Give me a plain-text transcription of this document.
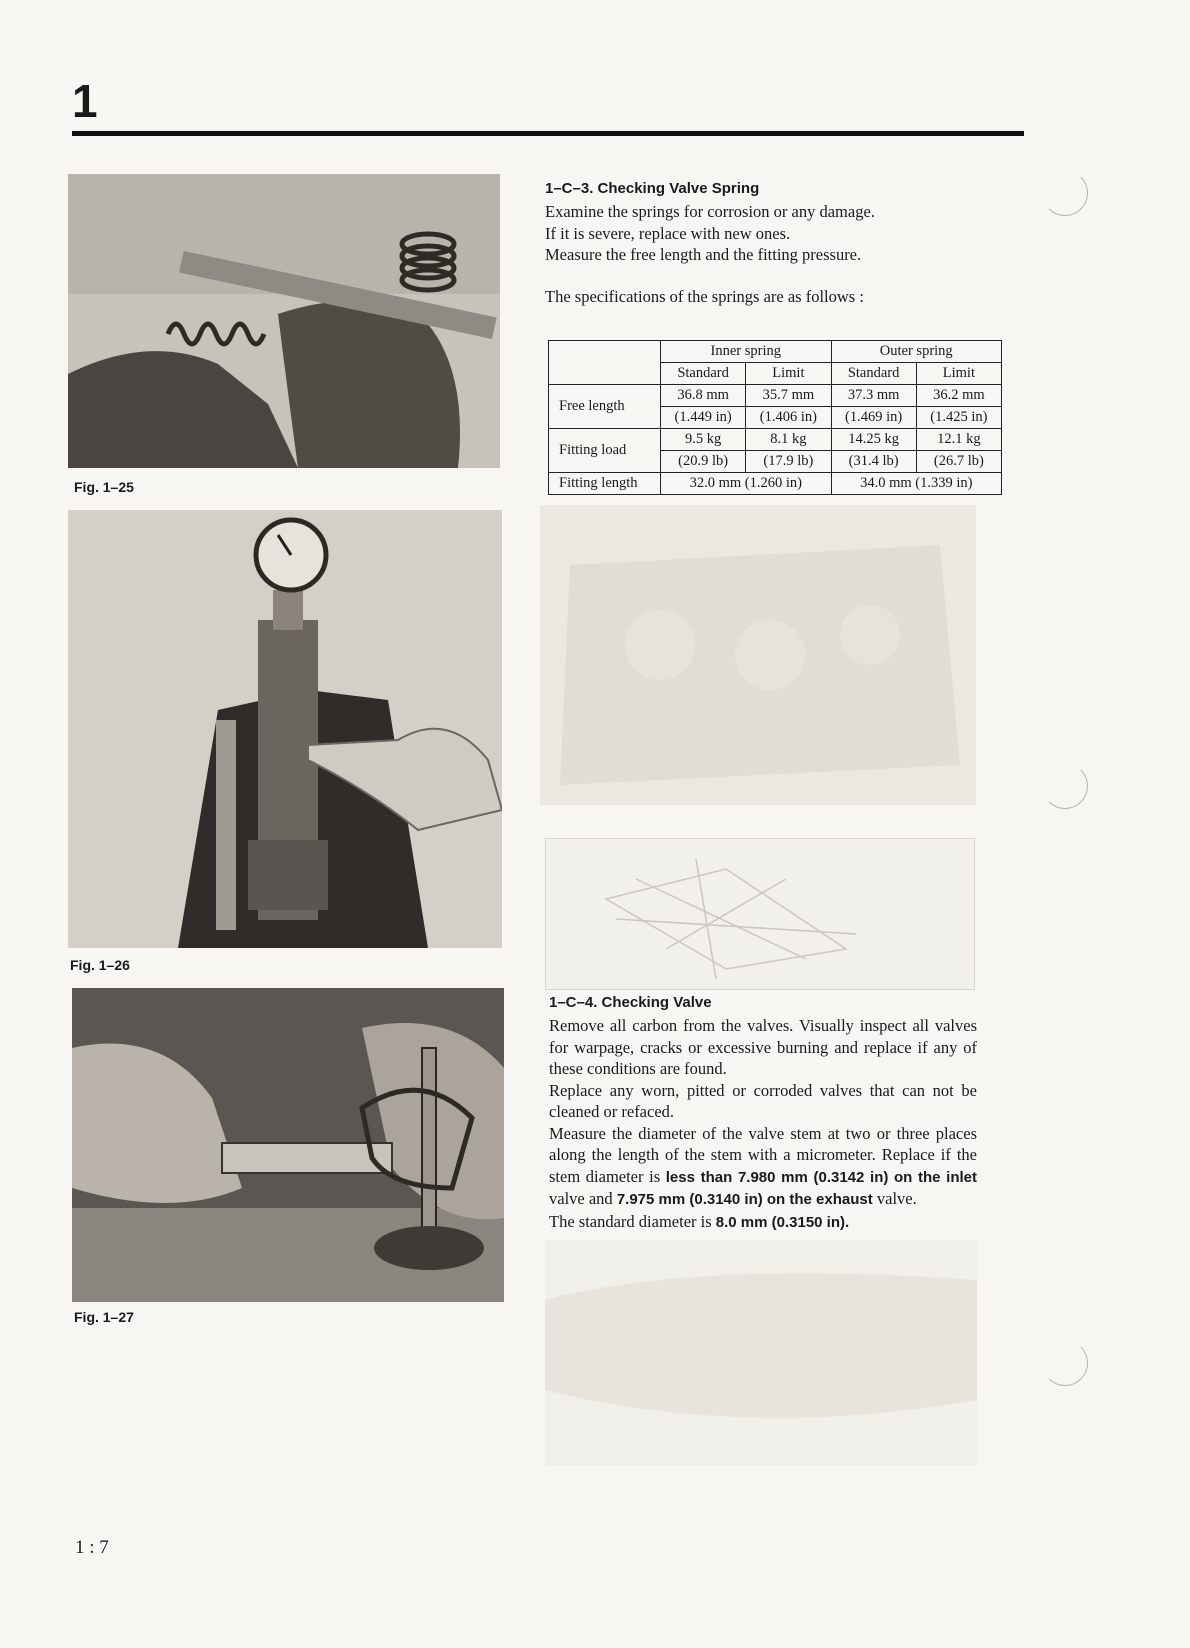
1
Fig. 1–25
Fig. 1–26
Fig. 1–27
1–C–3. Checking Valve Spring

Examine the springs for corrosion or any damage.

If it is severe, replace with new ones.

Measure the free length and the fitting pressure.

The specifications of the springs are as follows :

	Inner spring		Outer spring	
	Standard	Limit	Standard	Limit
Free length	36.8 mm	35.7 mm	37.3 mm	36.2 mm
	(1.449 in)	(1.406 in)	(1.469 in)	(1.425 in)
Fitting load	9.5 kg	8.1 kg	14.25 kg	12.1 kg
	(20.9 lb)	(17.9 lb)	(31.4 lb)	(26.7 lb)
Fitting length	32.0 mm (1.260 in)		34.0 mm (1.339 in)	
1–C–4. Checking Valve

Remove all carbon from the valves. Visually inspect all valves for warpage, cracks or excessive burning and replace if any of these conditions are found.

Replace any worn, pitted or corroded valves that can not be cleaned or refaced.

Measure the diameter of the valve stem at two or three places along the length of the stem with a micrometer. Replace if the stem diameter is less than 7.980 mm (0.3142 in) on the inlet valve and 7.975 mm (0.3140 in) on the exhaust valve.

The standard diameter is 8.0 mm (0.3150 in).

1 : 7
